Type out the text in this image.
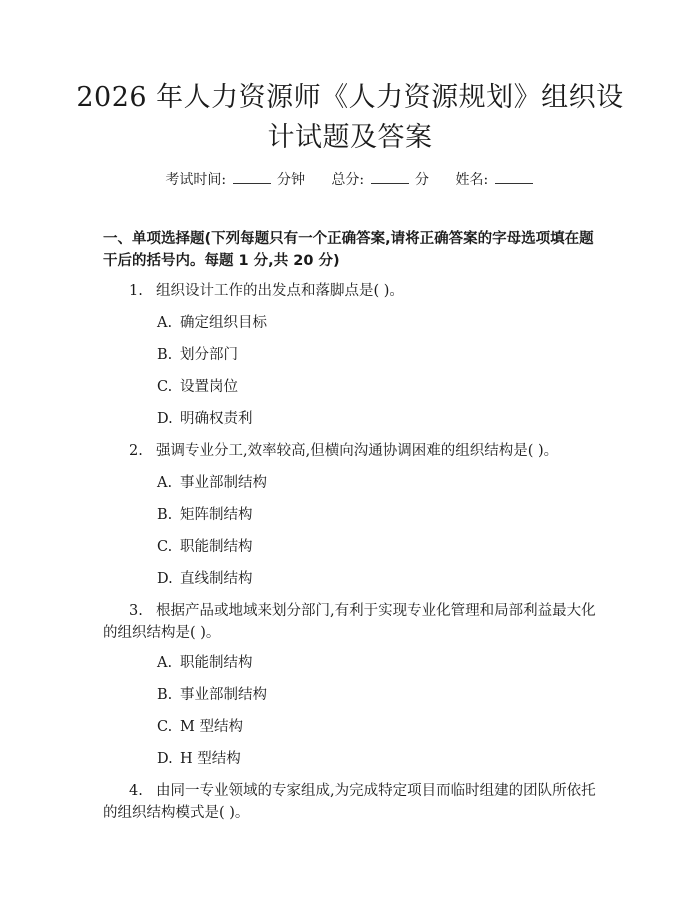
2026 年人力资源师《人力资源规划》组织设
计试题及答案
考试时间:	分钟 总分:	分 姓名:
一、单项选择题(下列每题只有一个正确答案,请将正确答案的字母选项填在题干后的括号内。每题 1 分,共 20 分)
1. 组织设计工作的出发点和落脚点是( )。
A. 确定组织目标
B. 划分部门
C. 设置岗位
D. 明确权责利
2. 强调专业分工,效率较高,但横向沟通协调困难的组织结构是( )。
A. 事业部制结构
B. 矩阵制结构
C. 职能制结构
D. 直线制结构
3. 根据产品或地域来划分部门,有利于实现专业化管理和局部利益最大化的组织结构是( )。
A. 职能制结构
B. 事业部制结构
C. M 型结构
D. H 型结构
4. 由同一专业领域的专家组成,为完成特定项目而临时组建的团队所依托的组织结构模式是( )。
